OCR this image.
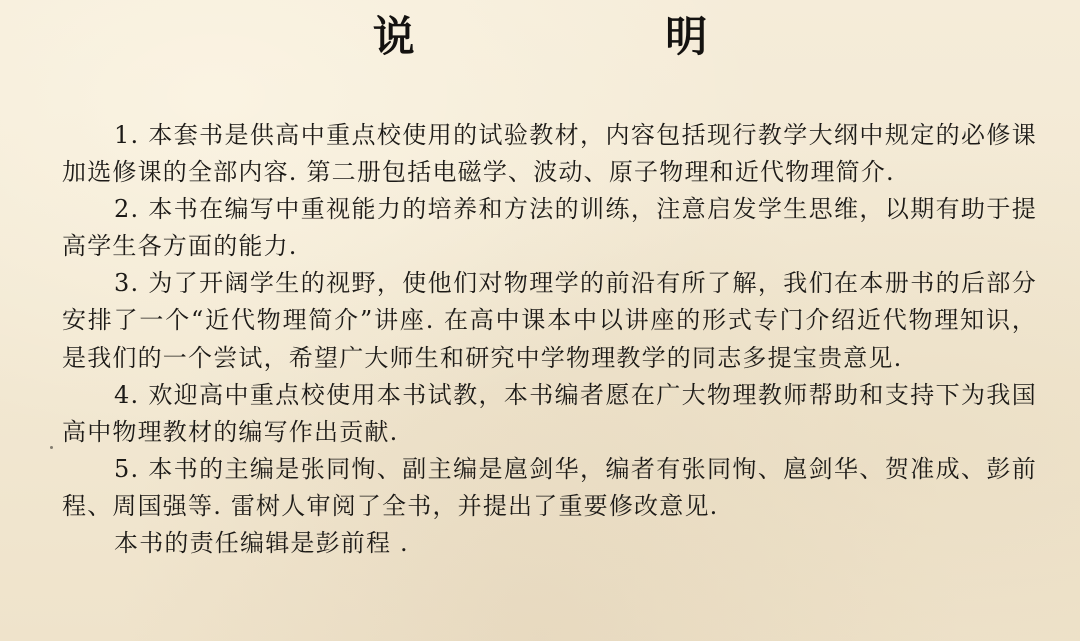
说 明

1. 本套书是供高中重点校使用的试验教材，内容包括现行教学大纲中规定的必修课加选修课的全部内容. 第二册包括电磁学、波动、原子物理和近代物理简介.

2. 本书在编写中重视能力的培养和方法的训练，注意启发学生思维，以期有助于提高学生各方面的能力.

3. 为了开阔学生的视野，使他们对物理学的前沿有所了解，我们在本册书的后部分安排了一个“近代物理简介”讲座. 在高中课本中以讲座的形式专门介绍近代物理知识，是我们的一个尝试，希望广大师生和研究中学物理教学的同志多提宝贵意见.

4. 欢迎高中重点校使用本书试教，本书编者愿在广大物理教师帮助和支持下为我国高中物理教材的编写作出贡献.

5. 本书的主编是张同恂、副主编是扈剑华，编者有张同恂、扈剑华、贺准成、彭前程、周国强等. 雷树人审阅了全书，并提出了重要修改意见.

本书的责任编辑是彭前程 .
